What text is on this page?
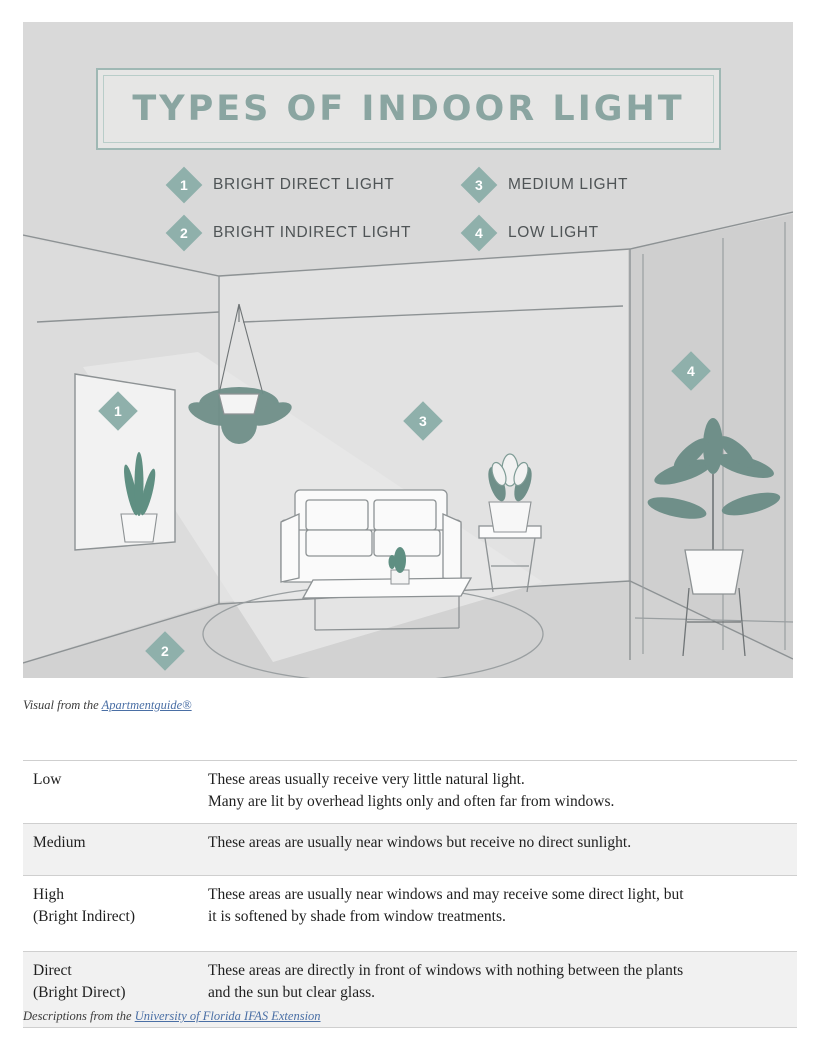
TYPES OF INDOOR LIGHT
1 BRIGHT DIRECT LIGHT	3 MEDIUM LIGHT
2 BRIGHT INDIRECT LIGHT	4 LOW LIGHT
1
2
3
4
Visual from the Apartmentguide®
Low	These areas usually receive very little natural light.
Many are lit by overhead lights only and often far from windows.

Medium	These areas are usually near windows but receive no direct sunlight.

High
(Bright Indirect)	These areas are usually near windows and may receive some direct light, but
it is softened by shade from window treatments.

Direct
(Bright Direct)	These areas are directly in front of windows with nothing between the plants
and the sun but clear glass.
Descriptions from the University of Florida IFAS Extension
